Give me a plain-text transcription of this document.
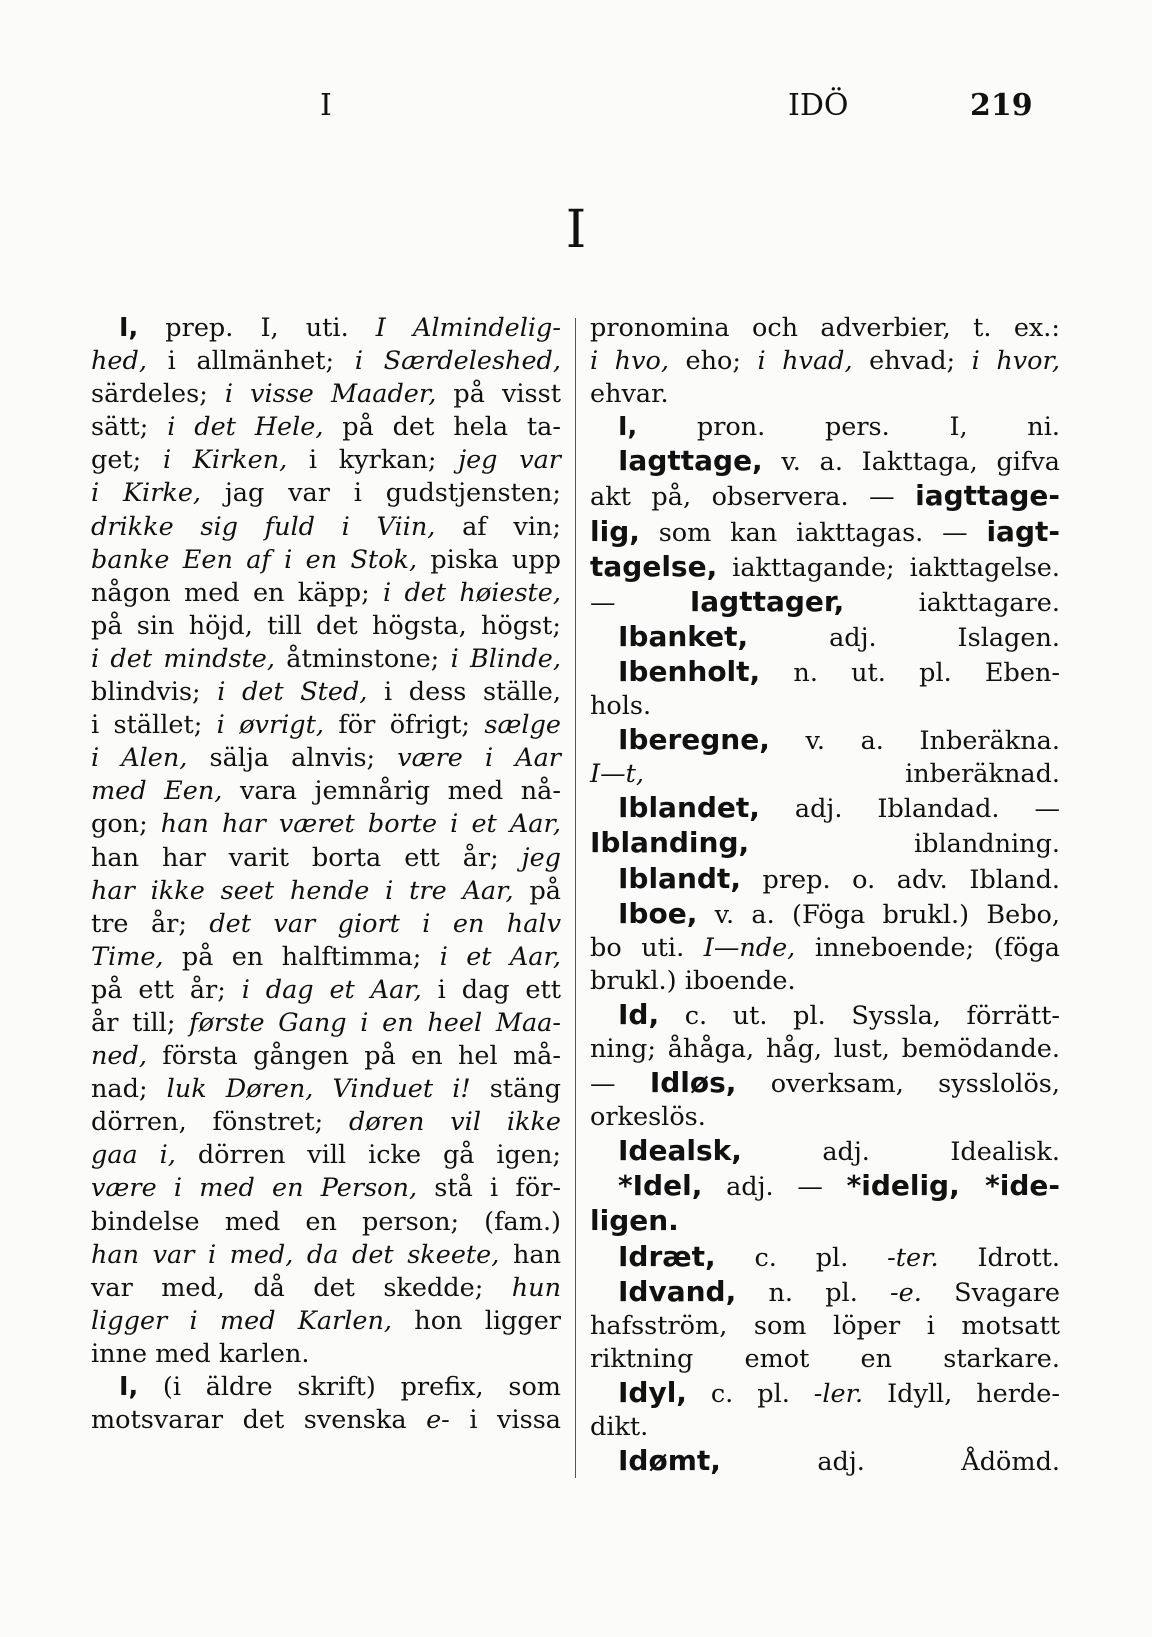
I	IDÖ	219
I
I, prep. I, uti. I Almindelig-
hed, i allmänhet; i Særdeleshed,
särdeles; i visse Maader, på visst
sätt; i det Hele, på det hela ta-
get; i Kirken, i kyrkan; jeg var
i Kirke, jag var i gudstjensten;
drikke sig fuld i Viin, af vin;
banke Een af i en Stok, piska upp
någon med en käpp; i det høieste,
på sin höjd, till det högsta, högst;
i det mindste, åtminstone; i Blinde,
blindvis; i det Sted, i dess ställe,
i stället; i øvrigt, för öfrigt; sælge
i Alen, sälja alnvis; være i Aar
med Een, vara jemnårig med nå-
gon; han har været borte i et Aar,
han har varit borta ett år; jeg
har ikke seet hende i tre Aar, på
tre år; det var giort i en halv
Time, på en halftimma; i et Aar,
på ett år; i dag et Aar, i dag ett
år till; første Gang i en heel Maa-
ned, första gången på en hel må-
nad; luk Døren, Vinduet i! stäng
dörren, fönstret; døren vil ikke
gaa i, dörren vill icke gå igen;
være i med en Person, stå i för-
bindelse med en person; (fam.)
han var i med, da det skeete, han
var med, då det skedde; hun
ligger i med Karlen, hon ligger
inne med karlen.
I, (i äldre skrift) prefix, som
motsvarar det svenska e- i vissa
pronomina och adverbier, t. ex.:
i hvo, eho; i hvad, ehvad; i hvor,
ehvar.
I, pron. pers. I, ni.
Iagttage, v. a. Iakttaga, gifva
akt på, observera. — iagttage-
lig, som kan iakttagas. — iagt-
tagelse, iakttagande; iakttagelse.
— Iagttager, iakttagare.
Ibanket, adj. Islagen.
Ibenholt, n. ut. pl. Eben-
hols.
Iberegne, v. a. Inberäkna.
I—t, inberäknad.
Iblandet, adj. Iblandad. —
Iblanding, iblandning.
Iblandt, prep. o. adv. Ibland.
Iboe, v. a. (Föga brukl.) Bebo,
bo uti. I—nde, inneboende; (föga
brukl.) iboende.
Id, c. ut. pl. Syssla, förrätt-
ning; åhåga, håg, lust, bemödande.
— Idløs, overksam, sysslolös,
orkeslös.
Idealsk, adj. Idealisk.
*Idel, adj. — *idelig, *ide-
ligen.
Idræt, c. pl. -ter. Idrott.
Idvand, n. pl. -e. Svagare
hafsström, som löper i motsatt
riktning emot en starkare.
Idyl, c. pl. -ler. Idyll, herde-
dikt.
Idømt, adj. Ådömd.
